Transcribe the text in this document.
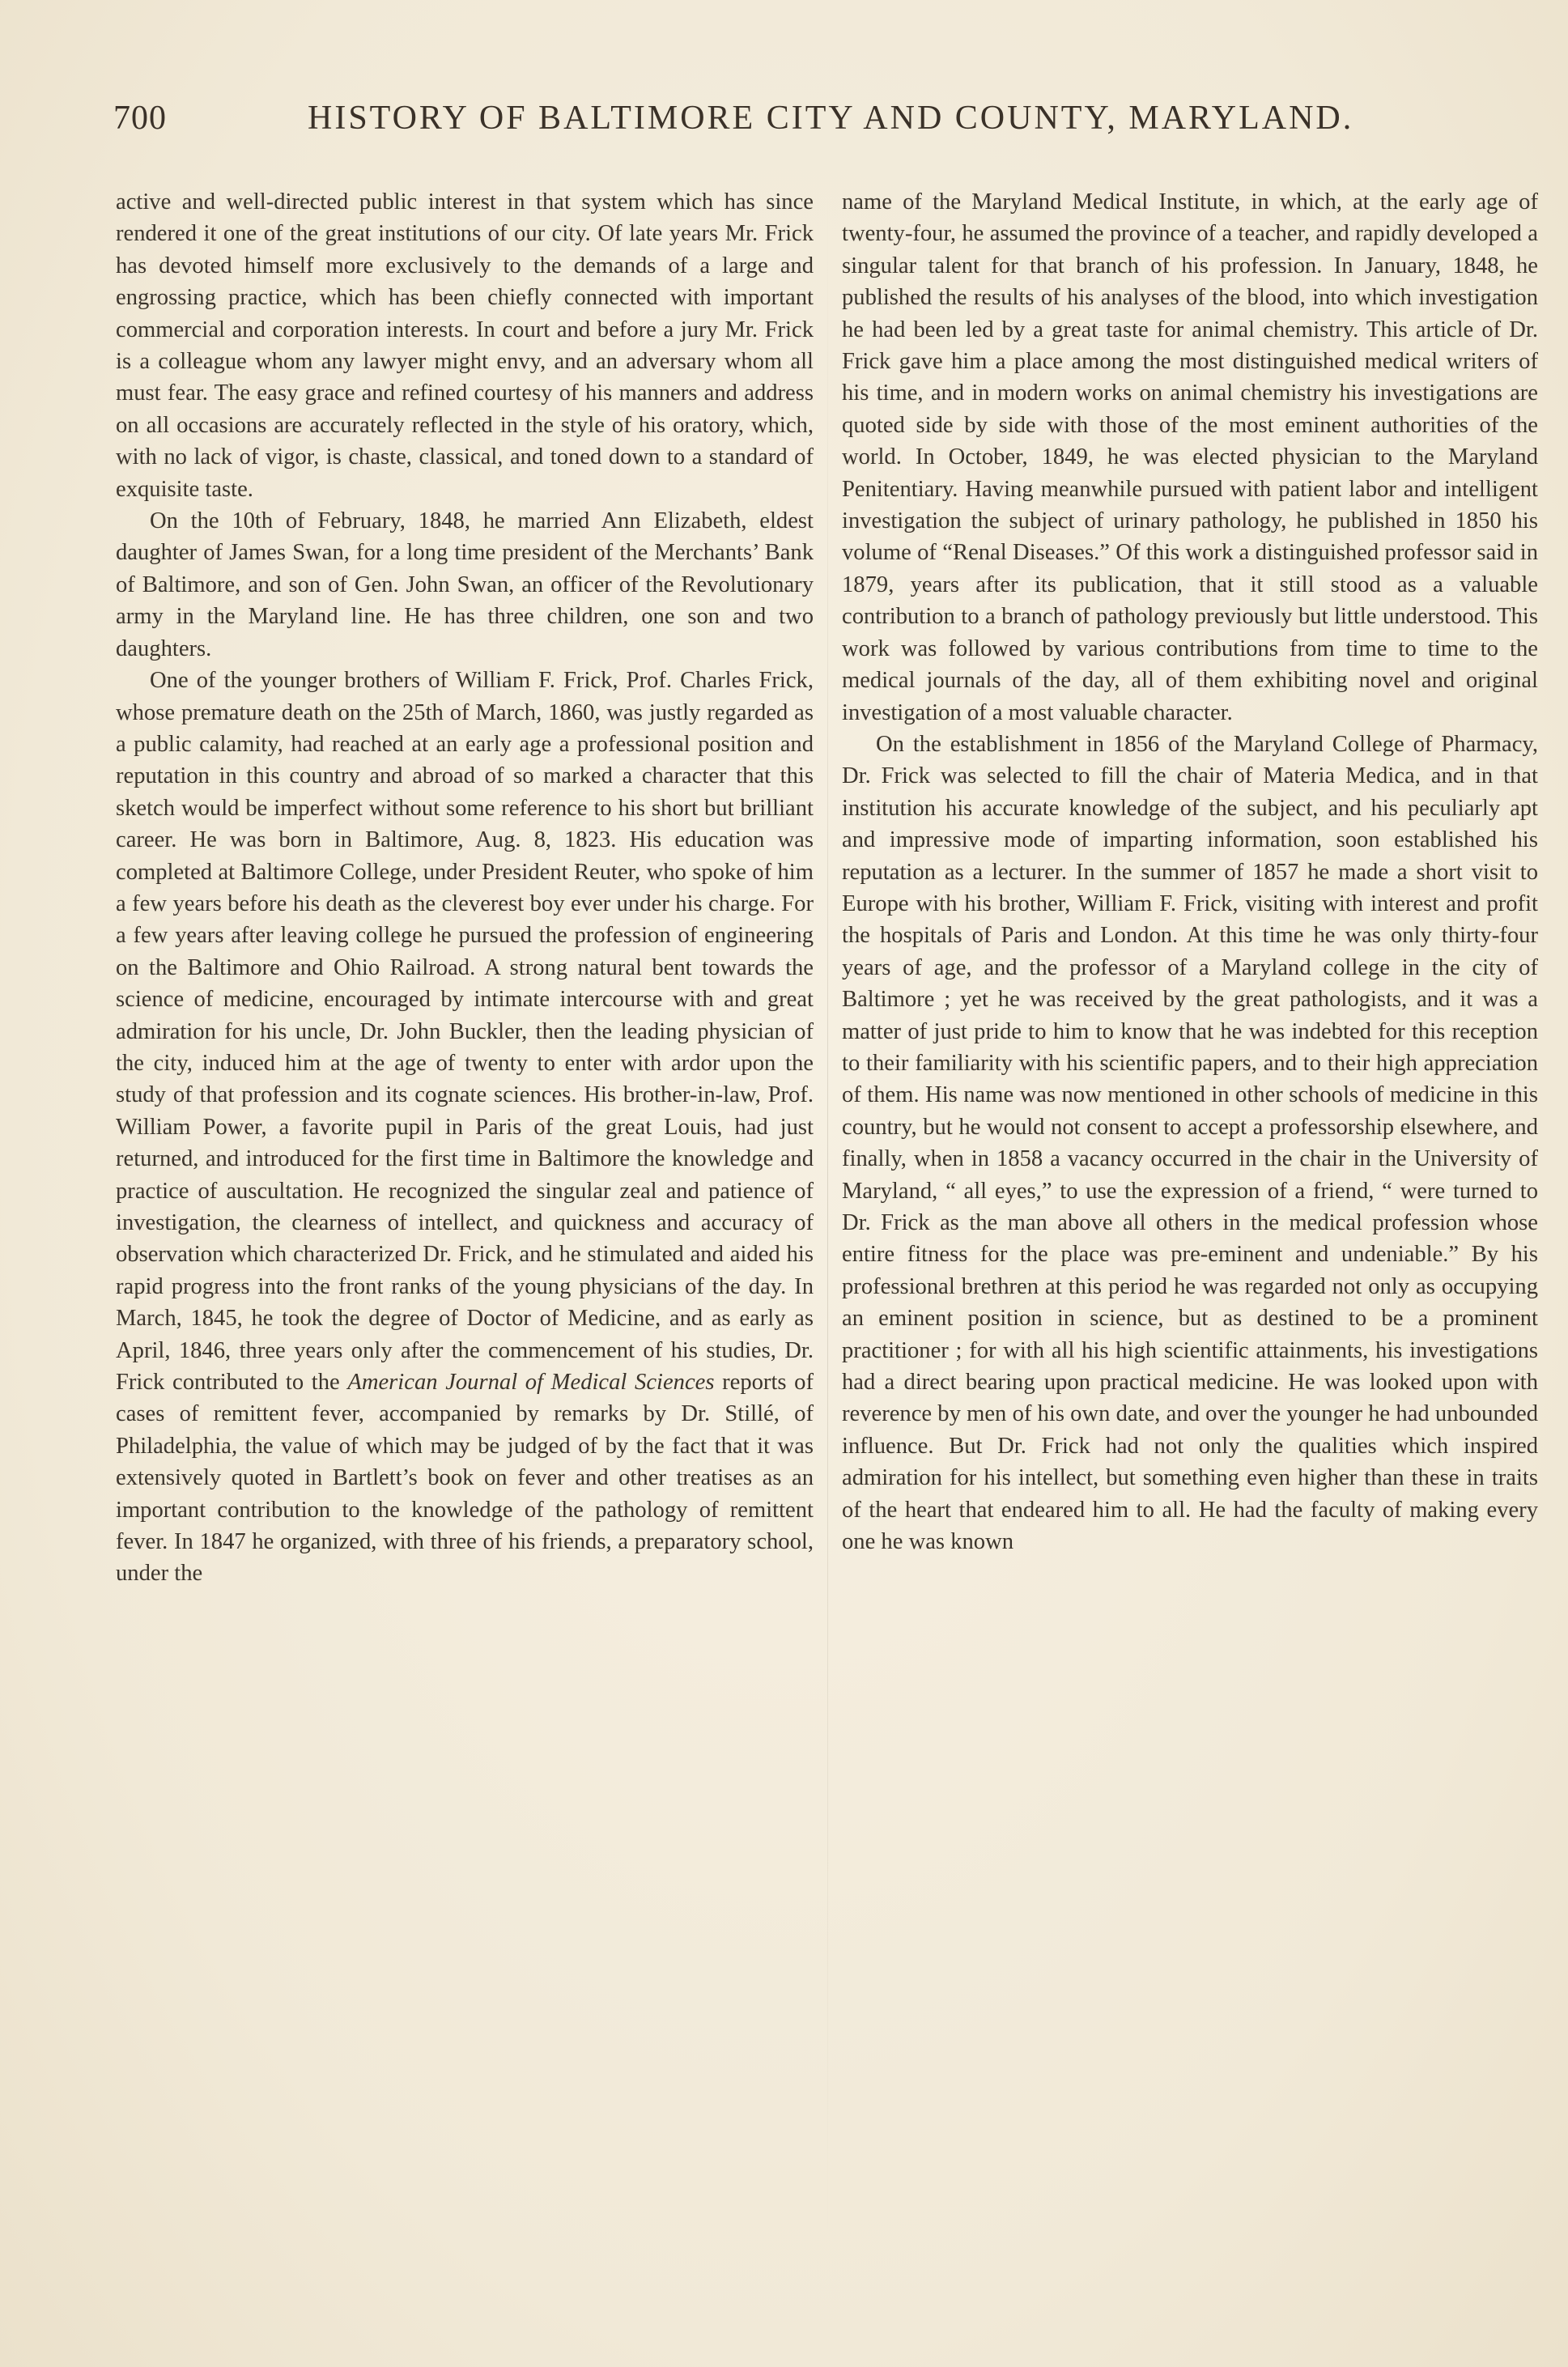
700	HISTORY OF BALTIMORE CITY AND COUNTY, MARYLAND.

active and well-directed public interest in that system which has since rendered it one of the great institutions of our city. Of late years Mr. Frick has devoted himself more exclusively to the demands of a large and engrossing practice, which has been chiefly connected with important commercial and corporation interests. In court and before a jury Mr. Frick is a colleague whom any lawyer might envy, and an adversary whom all must fear. The easy grace and refined courtesy of his manners and address on all occasions are accurately reflected in the style of his oratory, which, with no lack of vigor, is chaste, classical, and toned down to a standard of exquisite taste.

On the 10th of February, 1848, he married Ann Elizabeth, eldest daughter of James Swan, for a long time president of the Merchants’ Bank of Baltimore, and son of Gen. John Swan, an officer of the Revolutionary army in the Maryland line. He has three children, one son and two daughters.

One of the younger brothers of William F. Frick, Prof. Charles Frick, whose premature death on the 25th of March, 1860, was justly regarded as a public calamity, had reached at an early age a professional position and reputation in this country and abroad of so marked a character that this sketch would be imperfect without some reference to his short but brilliant career. He was born in Baltimore, Aug. 8, 1823. His education was completed at Baltimore College, under President Reuter, who spoke of him a few years before his death as the cleverest boy ever under his charge. For a few years after leaving college he pursued the profession of engineering on the Baltimore and Ohio Railroad. A strong natural bent towards the science of medicine, encouraged by intimate intercourse with and great admiration for his uncle, Dr. John Buckler, then the leading physician of the city, induced him at the age of twenty to enter with ardor upon the study of that profession and its cognate sciences. His brother-in-law, Prof. William Power, a favorite pupil in Paris of the great Louis, had just returned, and introduced for the first time in Baltimore the knowledge and practice of auscultation. He recognized the singular zeal and patience of investigation, the clearness of intellect, and quickness and accuracy of observation which characterized Dr. Frick, and he stimulated and aided his rapid progress into the front ranks of the young physicians of the day. In March, 1845, he took the degree of Doctor of Medicine, and as early as April, 1846, three years only after the commencement of his studies, Dr. Frick contributed to the American Journal of Medical Sciences reports of cases of remittent fever, accompanied by remarks by Dr. Stillé, of Philadelphia, the value of which may be judged of by the fact that it was extensively quoted in Bartlett’s book on fever and other treatises as an important contribution to the knowledge of the pathology of remittent fever. In 1847 he organized, with three of his friends, a preparatory school, under the

name of the Maryland Medical Institute, in which, at the early age of twenty-four, he assumed the province of a teacher, and rapidly developed a singular talent for that branch of his profession. In January, 1848, he published the results of his analyses of the blood, into which investigation he had been led by a great taste for animal chemistry. This article of Dr. Frick gave him a place among the most distinguished medical writers of his time, and in modern works on animal chemistry his investigations are quoted side by side with those of the most eminent authorities of the world. In October, 1849, he was elected physician to the Maryland Penitentiary. Having meanwhile pursued with patient labor and intelligent investigation the subject of urinary pathology, he published in 1850 his volume of “Renal Diseases.” Of this work a distinguished professor said in 1879, years after its publication, that it still stood as a valuable contribution to a branch of pathology previously but little understood. This work was followed by various contributions from time to time to the medical journals of the day, all of them exhibiting novel and original investigation of a most valuable character.

On the establishment in 1856 of the Maryland College of Pharmacy, Dr. Frick was selected to fill the chair of Materia Medica, and in that institution his accurate knowledge of the subject, and his peculiarly apt and impressive mode of imparting information, soon established his reputation as a lecturer. In the summer of 1857 he made a short visit to Europe with his brother, William F. Frick, visiting with interest and profit the hospitals of Paris and London. At this time he was only thirty-four years of age, and the professor of a Maryland college in the city of Baltimore ; yet he was received by the great pathologists, and it was a matter of just pride to him to know that he was indebted for this reception to their familiarity with his scientific papers, and to their high appreciation of them. His name was now mentioned in other schools of medicine in this country, but he would not consent to accept a professorship elsewhere, and finally, when in 1858 a vacancy occurred in the chair in the University of Maryland, “ all eyes,” to use the expression of a friend, “ were turned to Dr. Frick as the man above all others in the medical profession whose entire fitness for the place was pre-eminent and undeniable.” By his professional brethren at this period he was regarded not only as occupying an eminent position in science, but as destined to be a prominent practitioner ; for with all his high scientific attainments, his investigations had a direct bearing upon practical medicine. He was looked upon with reverence by men of his own date, and over the younger he had unbounded influence. But Dr. Frick had not only the qualities which inspired admiration for his intellect, but something even higher than these in traits of the heart that endeared him to all. He had the faculty of making every one he was known
